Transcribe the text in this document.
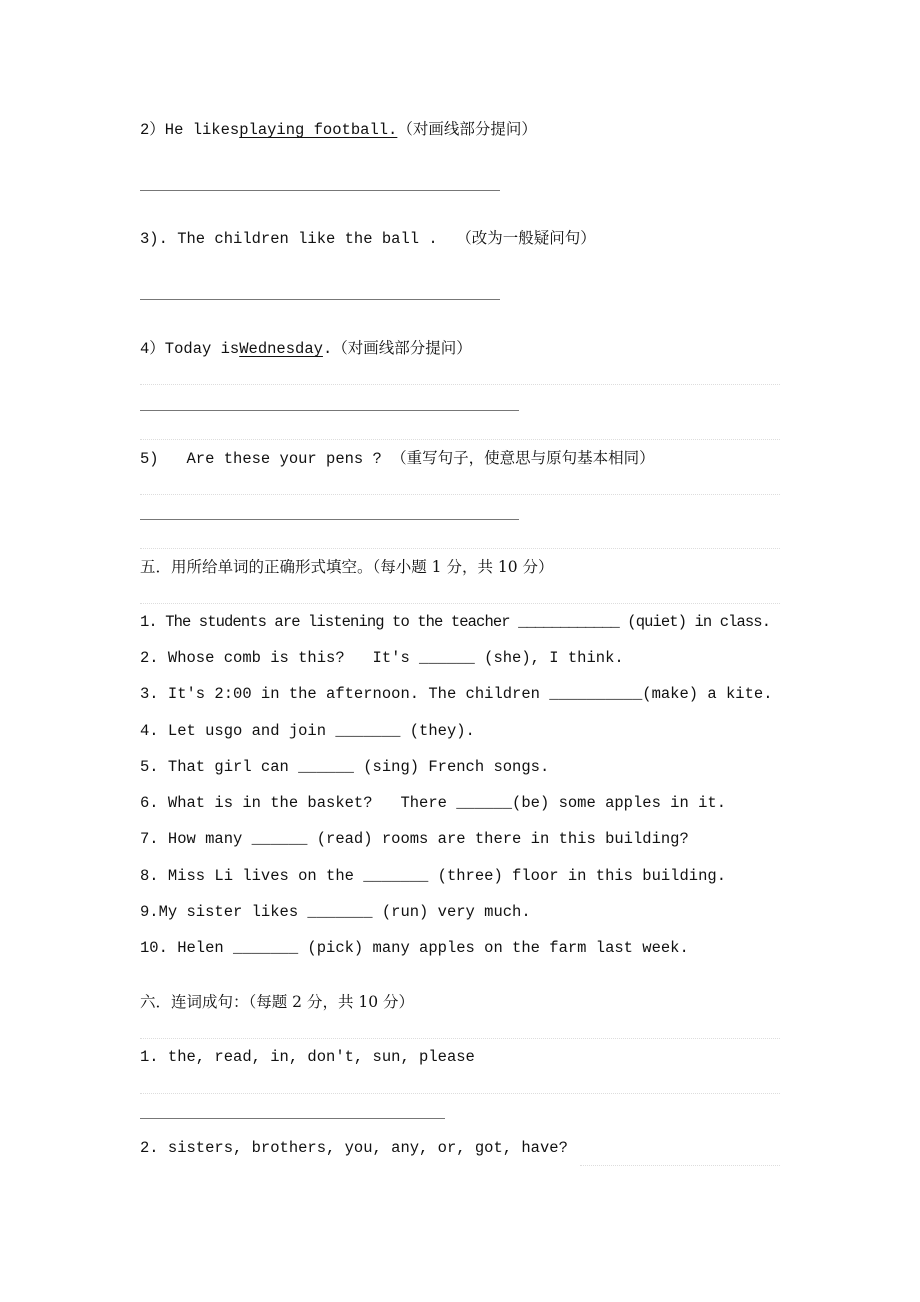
2）He likesplaying football.（对画线部分提问）
3). The children like the ball .  （改为一般疑问句）
4）Today isWednesday.（对画线部分提问）
5)   Are these your pens ? （重写句子，使意思与原句基本相同）
五．用所给单词的正确形式填空。（每小题 1 分，共 10 分）
1. The students are listening to the teacher ____________ (quiet) in class.
2. Whose comb is this?   It's ______ (she), I think.
3. It's 2:00 in the afternoon. The children __________(make) a kite.
4. Let usgo and join _______ (they).
5. That girl can ______ (sing) French songs.
6. What is in the basket?   There ______(be) some apples in it.
7. How many ______ (read) rooms are there in this building?
8. Miss Li lives on the _______ (three) floor in this building.
9.My sister likes _______ (run) very much.
10. Helen _______ (pick) many apples on the farm last week.
六．连词成句：（每题 2 分，共 10 分）
1. the, read, in, don't, sun, please
2. sisters, brothers, you, any, or, got, have?
